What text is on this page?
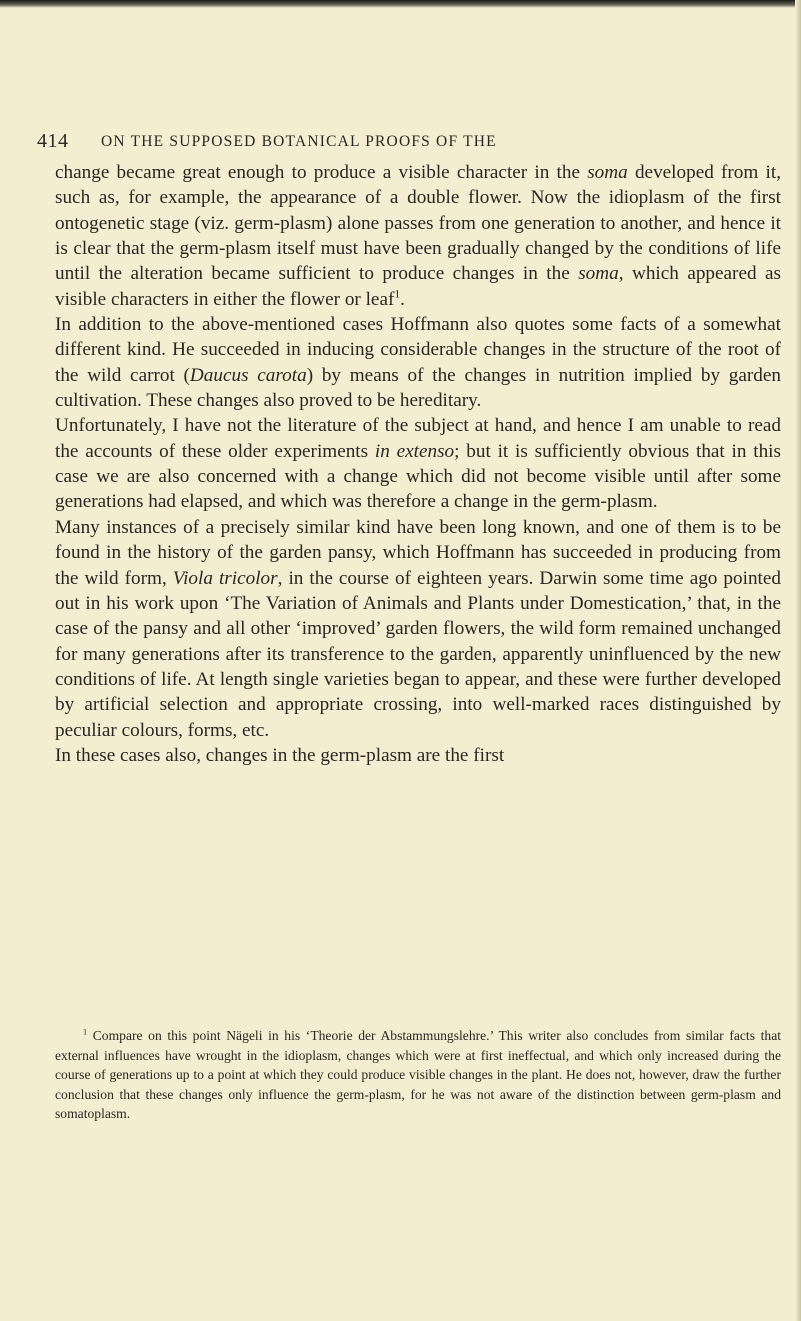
414 ON THE SUPPOSED BOTANICAL PROOFS OF THE

change became great enough to produce a visible character in the soma developed from it, such as, for example, the appearance of a double flower. Now the idioplasm of the first ontogenetic stage (viz. germ-plasm) alone passes from one generation to another, and hence it is clear that the germ-plasm itself must have been gradually changed by the conditions of life until the alteration became sufficient to produce changes in the soma, which appeared as visible characters in either the flower or leaf$^1$.

In addition to the above-mentioned cases Hoffmann also quotes some facts of a somewhat different kind. He succeeded in inducing considerable changes in the structure of the root of the wild carrot (Daucus carota) by means of the changes in nutrition implied by garden cultivation. These changes also proved to be hereditary.

Unfortunately, I have not the literature of the subject at hand, and hence I am unable to read the accounts of these older experiments in extenso; but it is sufficiently obvious that in this case we are also concerned with a change which did not become visible until after some generations had elapsed, and which was therefore a change in the germ-plasm.

Many instances of a precisely similar kind have been long known, and one of them is to be found in the history of the garden pansy, which Hoffmann has succeeded in producing from the wild form, Viola tricolor, in the course of eighteen years. Darwin some time ago pointed out in his work upon ‘The Variation of Animals and Plants under Domestication,’ that, in the case of the pansy and all other ‘improved’ garden flowers, the wild form remained unchanged for many generations after its transference to the garden, apparently uninfluenced by the new conditions of life. At length single varieties began to appear, and these were further developed by artificial selection and appropriate crossing, into well-marked races distinguished by peculiar colours, forms, etc.

In these cases also, changes in the germ-plasm are the first

$^1$ Compare on this point Nägeli in his ‘Theorie der Abstammungslehre.’ This writer also concludes from similar facts that external influences have wrought in the idioplasm, changes which were at first ineffectual, and which only increased during the course of generations up to a point at which they could produce visible changes in the plant. He does not, however, draw the further conclusion that these changes only influence the germ-plasm, for he was not aware of the distinction between germ-plasm and somatoplasm.
